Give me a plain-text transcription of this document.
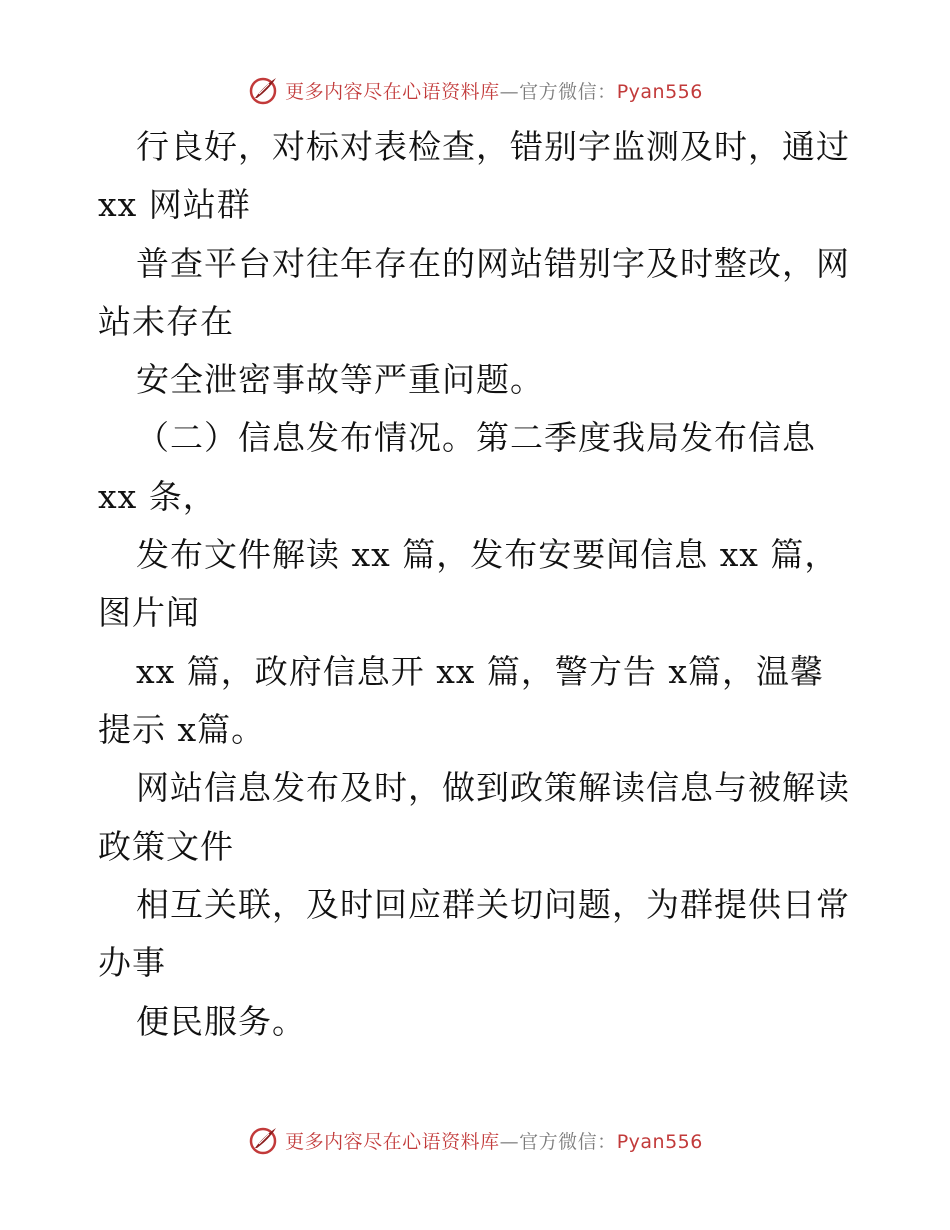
更多内容尽在心语资料库—官方微信：Pyan556
行良好，对标对表检查，错别字监测及时，通过
xx 网站群
普查平台对往年存在的网站错别字及时整改，网
站未存在
安全泄密事故等严重问题。
（二）信息发布情况。第二季度我局发布信息
xx 条，
发布文件解读 xx 篇，发布安要闻信息 xx 篇，
图片闻
xx 篇，政府信息开 xx 篇，警方告 x篇，温馨
提示 x篇。
网站信息发布及时，做到政策解读信息与被解读
政策文件
相互关联，及时回应群关切问题，为群提供日常
办事
便民服务。
更多内容尽在心语资料库—官方微信：Pyan556
